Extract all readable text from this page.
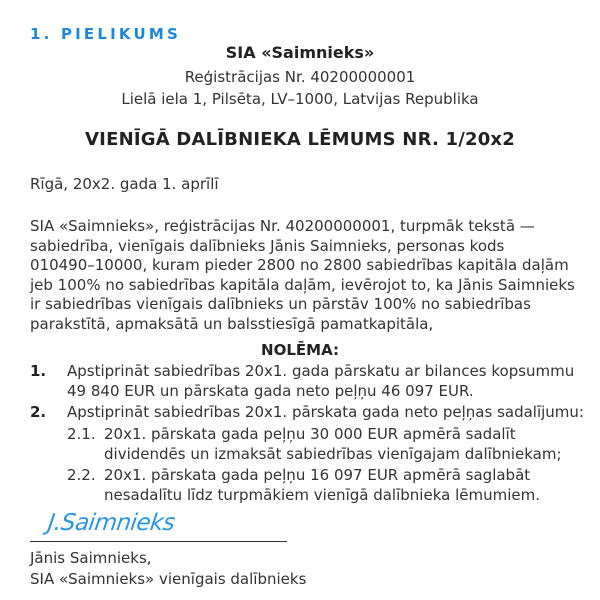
1. PIELIKUMS
SIA «Saimnieks»
Reģistrācijas Nr. 40200000001
Lielā iela 1, Pilsēta, LV–1000, Latvijas Republika
VIENĪGĀ DALĪBNIEKA LĒMUMS NR. 1/20x2
Rīgā, 20x2. gada 1. aprīlī
SIA «Saimnieks», reģistrācijas Nr. 40200000001, turpmāk tekstā —
sabiedrība, vienīgais dalībnieks Jānis Saimnieks, personas kods
010490–10000, kuram pieder 2800 no 2800 sabiedrības kapitāla daļām
jeb 100% no sabiedrības kapitāla daļām, ievērojot to, ka Jānis Saimnieks
ir sabiedrības vienīgais dalībnieks un pārstāv 100% no sabiedrības
parakstītā, apmaksātā un balsstiesīgā pamatkapitāla,
NOLĒMA:
1. Apstiprināt sabiedrības 20x1. gada pārskatu ar bilances kopsummu
49 840 EUR un pārskata gada neto peļņu 46 097 EUR.
2. Apstiprināt sabiedrības 20x1. pārskata gada neto peļņas sadalījumu:
2.1. 20x1. pārskata gada peļņu 30 000 EUR apmērā sadalīt
dividendēs un izmaksāt sabiedrības vienīgajam dalībniekam;
2.2. 20x1. pārskata gada peļņu 16 097 EUR apmērā saglabāt
nesadalītu līdz turpmākiem vienīgā dalībnieka lēmumiem.
J.Saimnieks
Jānis Saimnieks,
SIA «Saimnieks» vienīgais dalībnieks
